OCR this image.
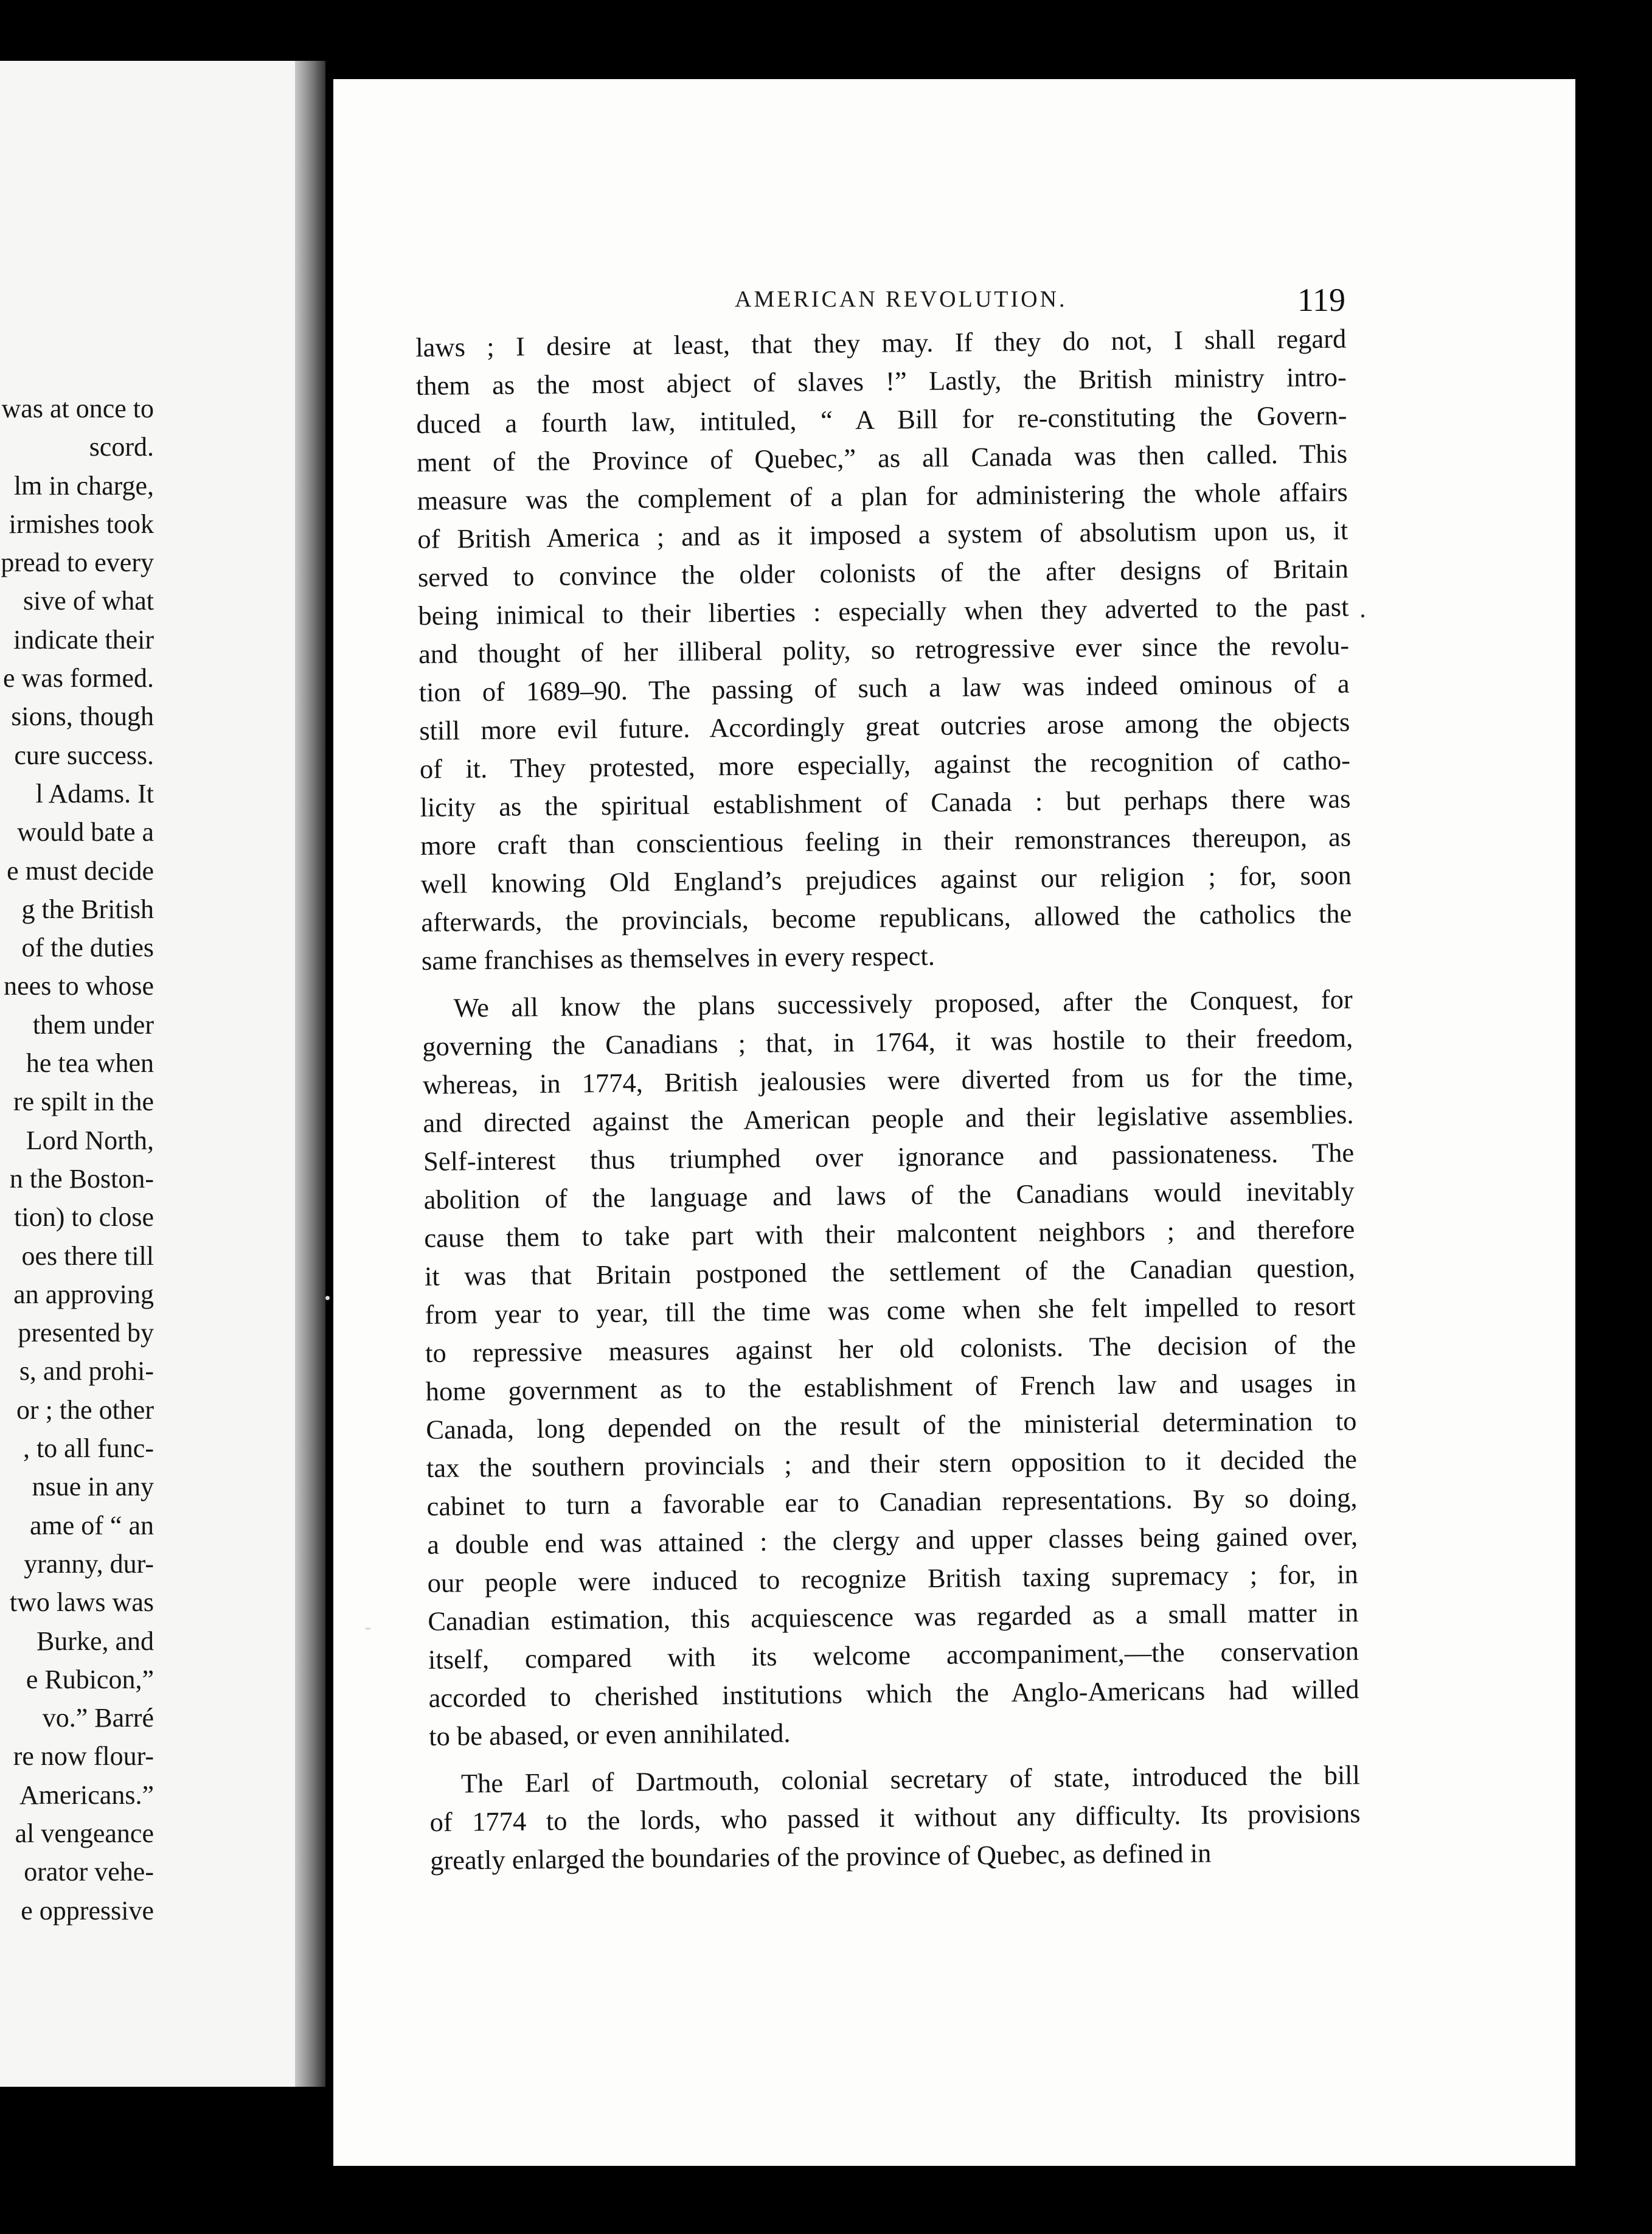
was at once to
scord.
lm in charge,
irmishes took
pread to every
sive of what
indicate their
e was formed.
sions, though
cure success.
l Adams. It
would bate a
e must decide
g the British
of the duties
nees to whose
them under
he tea when
re spilt in the
Lord North,
n the Boston-
tion) to close
oes there till
an approving
presented by
s, and prohi-
or ; the other
, to all func-
nsue in any
ame of “ an
yranny, dur-
two laws was
Burke, and
e Rubicon,”
vo.” Barré
re now flour-
Americans.”
al vengeance
orator vehe-
e oppressive
AMERICAN REVOLUTION.	119
laws ; I desire at least, that they may. If they do not, I shall regard
them as the most abject of slaves !” Lastly, the British ministry intro-
duced a fourth law, intituled, “ A Bill for re-constituting the Govern-
ment of the Province of Quebec,” as all Canada was then called. This
measure was the complement of a plan for administering the whole affairs
of British America ; and as it imposed a system of absolutism upon us, it
served to convince the older colonists of the after designs of Britain
being inimical to their liberties : especially when they adverted to the past
and thought of her illiberal polity, so retrogressive ever since the revolu-
tion of 1689–90. The passing of such a law was indeed ominous of a
still more evil future. Accordingly great outcries arose among the objects
of it. They protested, more especially, against the recognition of catho-
licity as the spiritual establishment of Canada : but perhaps there was
more craft than conscientious feeling in their remonstrances thereupon, as
well knowing Old England’s prejudices against our religion ; for, soon
afterwards, the provincials, become republicans, allowed the catholics the
same franchises as themselves in every respect.
We all know the plans successively proposed, after the Conquest, for
governing the Canadians ; that, in 1764, it was hostile to their freedom,
whereas, in 1774, British jealousies were diverted from us for the time,
and directed against the American people and their legislative assemblies.
Self-interest thus triumphed over ignorance and passionateness. The
abolition of the language and laws of the Canadians would inevitably
cause them to take part with their malcontent neighbors ; and therefore
it was that Britain postponed the settlement of the Canadian question,
from year to year, till the time was come when she felt impelled to resort
to repressive measures against her old colonists. The decision of the
home government as to the establishment of French law and usages in
Canada, long depended on the result of the ministerial determination to
tax the southern provincials ; and their stern opposition to it decided the
cabinet to turn a favorable ear to Canadian representations. By so doing,
a double end was attained : the clergy and upper classes being gained over,
our people were induced to recognize British taxing supremacy ; for, in
Canadian estimation, this acquiescence was regarded as a small matter in
itself, compared with its welcome accompaniment,—the conservation
accorded to cherished institutions which the Anglo-Americans had willed
to be abased, or even annihilated.
The Earl of Dartmouth, colonial secretary of state, introduced the bill
of 1774 to the lords, who passed it without any difficulty. Its provisions
greatly enlarged the boundaries of the province of Quebec, as defined in
